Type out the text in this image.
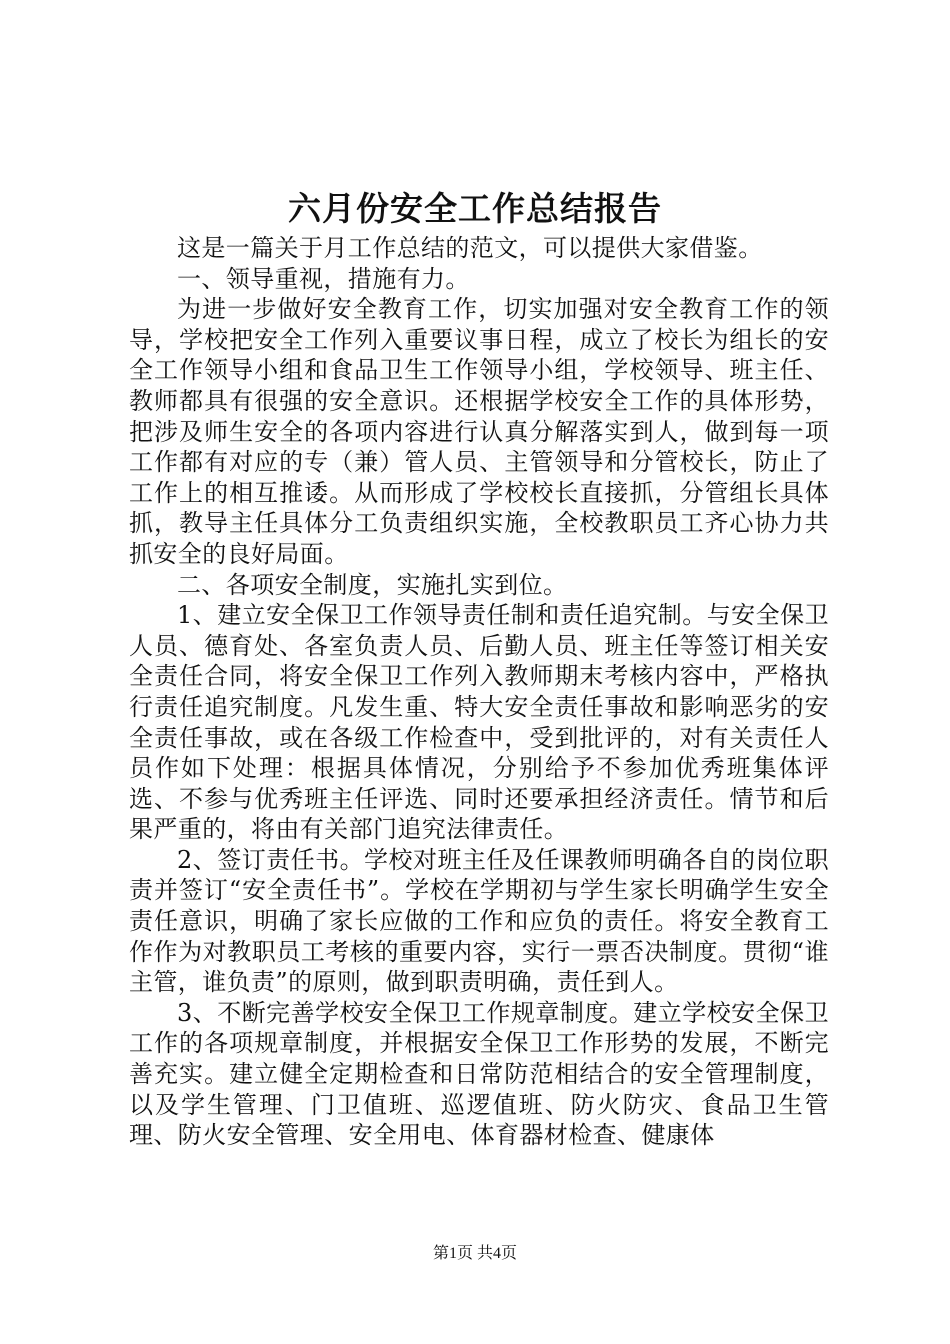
六月份安全工作总结报告

这是一篇关于月工作总结的范文，可以提供大家借鉴。

一、领导重视，措施有力。

为进一步做好安全教育工作，切实加强对安全教育工作的领导，学校把安全工作列入重要议事日程，成立了校长为组长的安全工作领导小组和食品卫生工作领导小组，学校领导、班主任、教师都具有很强的安全意识。还根据学校安全工作的具体形势，把涉及师生安全的各项内容进行认真分解落实到人，做到每一项工作都有对应的专（兼）管人员、主管领导和分管校长，防止了工作上的相互推诿。从而形成了学校校长直接抓，分管组长具体抓，教导主任具体分工负责组织实施，全校教职员工齐心协力共抓安全的良好局面。

二、各项安全制度，实施扎实到位。

1、建立安全保卫工作领导责任制和责任追究制。与安全保卫人员、德育处、各室负责人员、后勤人员、班主任等签订相关安全责任合同，将安全保卫工作列入教师期末考核内容中，严格执行责任追究制度。凡发生重、特大安全责任事故和影响恶劣的安全责任事故，或在各级工作检查中，受到批评的，对有关责任人员作如下处理：根据具体情况，分别给予不参加优秀班集体评选、不参与优秀班主任评选、同时还要承担经济责任。情节和后果严重的，将由有关部门追究法律责任。

2、签订责任书。学校对班主任及任课教师明确各自的岗位职责并签订“安全责任书”。学校在学期初与学生家长明确学生安全责任意识，明确了家长应做的工作和应负的责任。将安全教育工作作为对教职员工考核的重要内容，实行一票否决制度。贯彻“谁主管，谁负责”的原则，做到职责明确，责任到人。

3、不断完善学校安全保卫工作规章制度。建立学校安全保卫工作的各项规章制度，并根据安全保卫工作形势的发展，不断完善充实。建立健全定期检查和日常防范相结合的安全管理制度，以及学生管理、门卫值班、巡逻值班、防火防灾、食品卫生管理、防火安全管理、安全用电、体育器材检查、健康体

第1页 共4页
